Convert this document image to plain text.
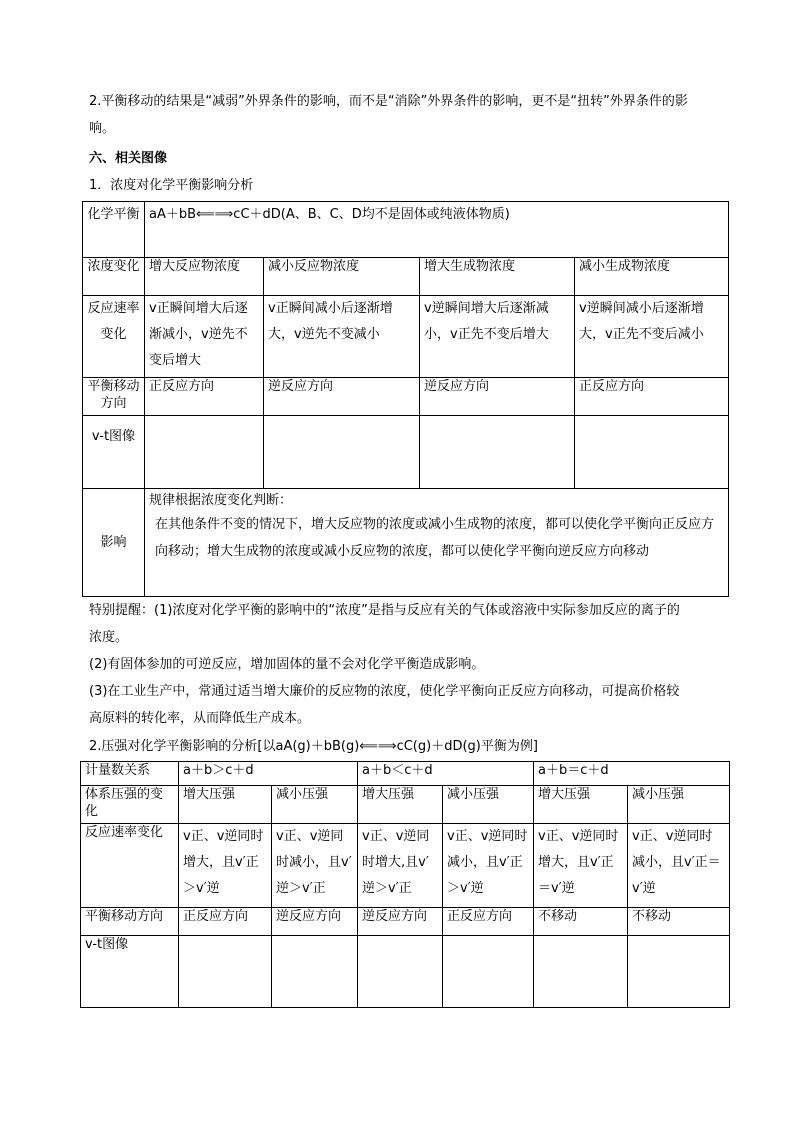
2.平衡移动的结果是“减弱”外界条件的影响，而不是“消除”外界条件的影响，更不是“扭转”外界条件的影
响。
六、相关图像
1．浓度对化学平衡影响分析
化学平衡	aA＋bB⟸⟹cC＋dD(A、B、C、D均不是固体或纯液体物质)			
浓度变化	增大反应物浓度	减小反应物浓度	增大生成物浓度	减小生成物浓度
反应速率变化	v正瞬间增大后逐渐减小，v逆先不变后增大	v正瞬间减小后逐渐增大，v逆先不变减小	v逆瞬间增大后逐渐减小，v正先不变后增大	v逆瞬间减小后逐渐增大，v正先不变后减小
平衡移动方向	正反应方向	逆反应方向	逆反应方向	正反应方向
v-t图像				
影响	规律根据浓度变化判断：
在其他条件不变的情况下，增大反应物的浓度或减小生成物的浓度，都可以使化学平衡向正反应方向移动；增大生成物的浓度或减小反应物的浓度，都可以使化学平衡向逆反应方向移动			
特别提醒：(1)浓度对化学平衡的影响中的“浓度”是指与反应有关的气体或溶液中实际参加反应的离子的
浓度。
(2)有固体参加的可逆反应，增加固体的量不会对化学平衡造成影响。
(3)在工业生产中，常通过适当增大廉价的反应物的浓度，使化学平衡向正反应方向移动，可提高价格较
高原料的转化率，从而降低生产成本。
2.压强对化学平衡影响的分析[以aA(g)＋bB(g)⟸⟹cC(g)＋dD(g)平衡为例]
计量数关系	a＋b＞c＋d		a＋b＜c＋d		a＋b＝c＋d	
体系压强的变化	增大压强	减小压强	增大压强	减小压强	增大压强	减小压强
反应速率变化	v正、v逆同时增大，且v′正＞v′逆	v正、v逆同时减小，且v′逆＞v′正	v正、v逆同时增大,且v′逆＞v′正	v正、v逆同时减小，且v′正＞v′逆	v正、v逆同时增大，且v′正＝v′逆	v正、v逆同时减小，且v′正＝v′逆
平衡移动方向	正反应方向	逆反应方向	逆反应方向	正反应方向	不移动	不移动
v-t图像						
